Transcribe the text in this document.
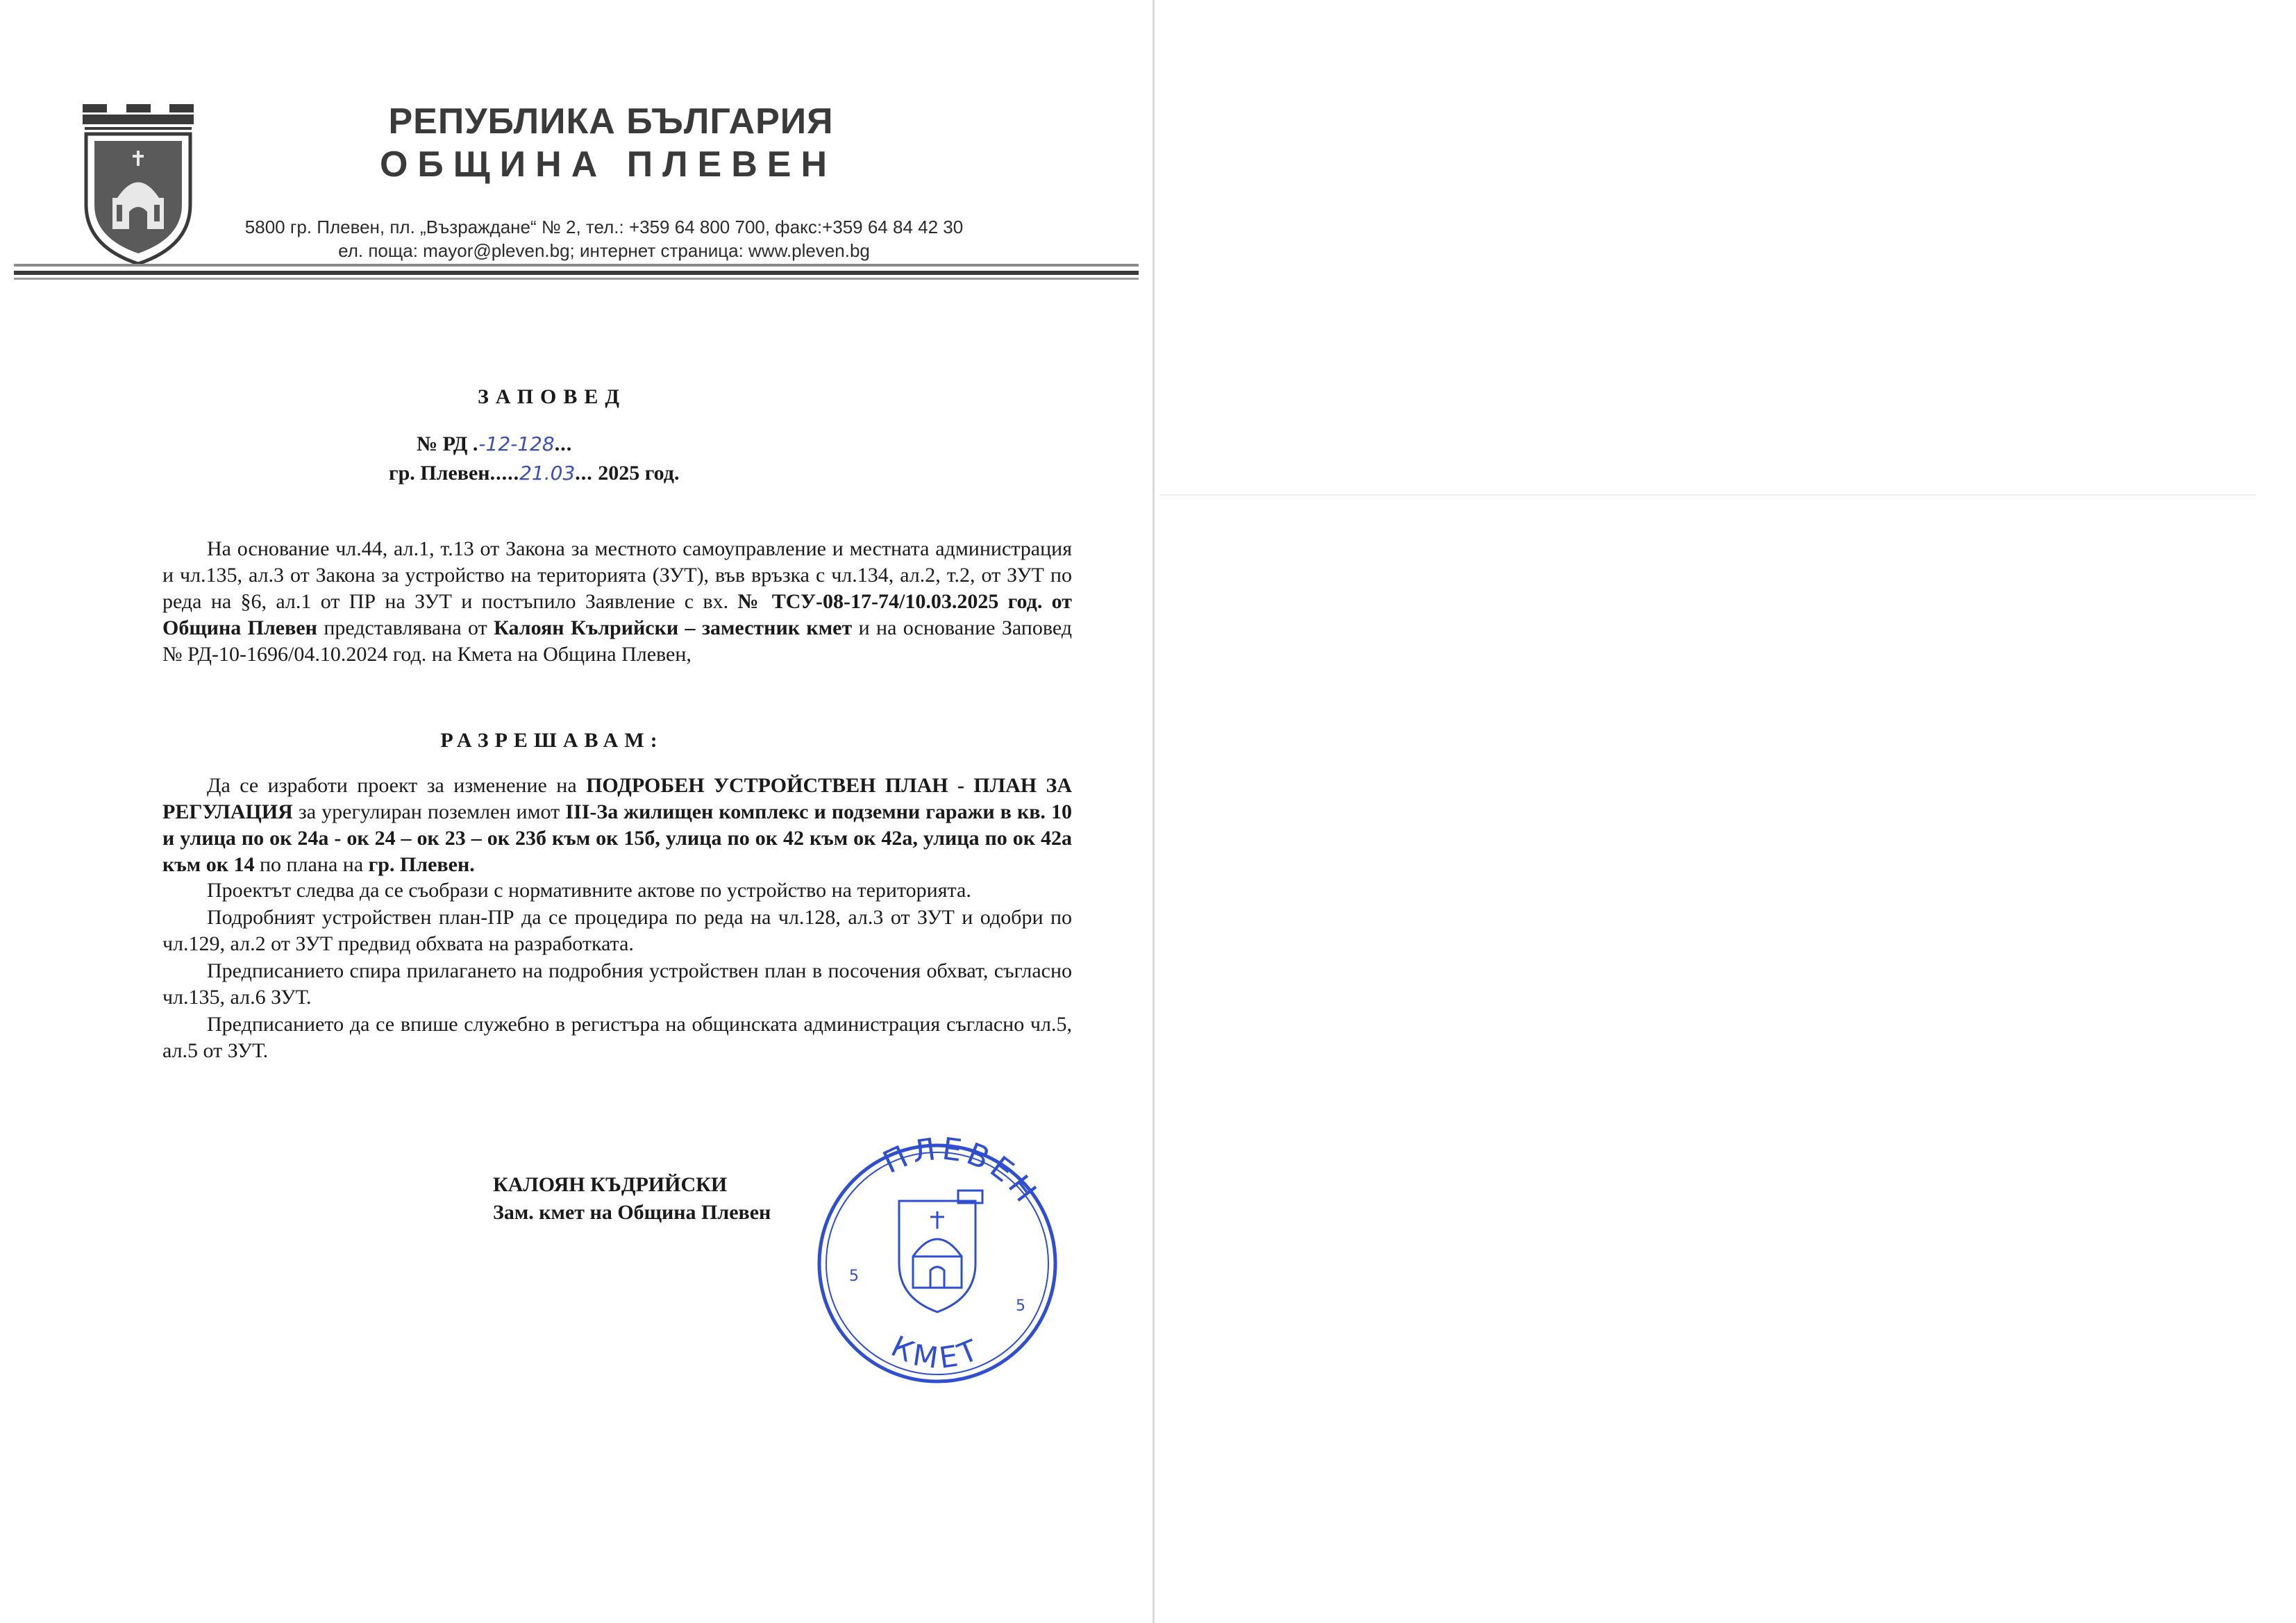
РЕПУБЛИКА БЪЛГАРИЯ
ОБЩИНА ПЛЕВЕН
5800 гр. Плевен, пл. „Възраждане“ № 2, тел.: +359 64 800 700, факс:+359 64 84 42 30
ел. поща: mayor@pleven.bg; интернет страница: www.pleven.bg
ЗАПОВЕД
№ РД .-12-128...
гр. Плевен.....21.03... 2025 год.
На основание чл.44, ал.1, т.13 от Закона за местното самоуправление и местната администрация и чл.135, ал.3 от Закона за устройство на територията (ЗУТ), във връзка с чл.134, ал.2, т.2, от ЗУТ по реда на §6, ал.1 от ПР на ЗУТ и постъпило Заявление с вх. № ТСУ-08-17-74/10.03.2025 год. от Община Плевен представлявана от Калоян Кълрийски – заместник кмет и на основание Заповед № РД-10-1696/04.10.2024 год. на Кмета на Община Плевен,
РАЗРЕШАВАМ:
Да се изработи проект за изменение на ПОДРОБЕН УСТРОЙСТВЕН ПЛАН - ПЛАН ЗА РЕГУЛАЦИЯ за урегулиран поземлен имот III-За жилищен комплекс и подземни гаражи в кв. 10 и улица по ок 24а - ок 24 – ок 23 – ок 23б към ок 15б, улица по ок 42 към ок 42а, улица по ок 42а към ок 14 по плана на гр. Плевен.
Проектът следва да се съобрази с нормативните актове по устройство на територията.
Подробният устройствен план-ПР да се процедира по реда на чл.128, ал.3 от ЗУТ и одобри по чл.129, ал.2 от ЗУТ предвид обхвата на разработката.
Предписанието спира прилагането на подробния устройствен план в посочения обхват, съгласно чл.135, ал.6 ЗУТ.
Предписанието да се впише служебно в регистъра на общинската администрация съгласно чл.5, ал.5 от ЗУТ.
КАЛОЯН КЪДРИЙСКИ
Зам. кмет на Община Плевен
ПЛЕВЕН
КМЕТ
5
5
